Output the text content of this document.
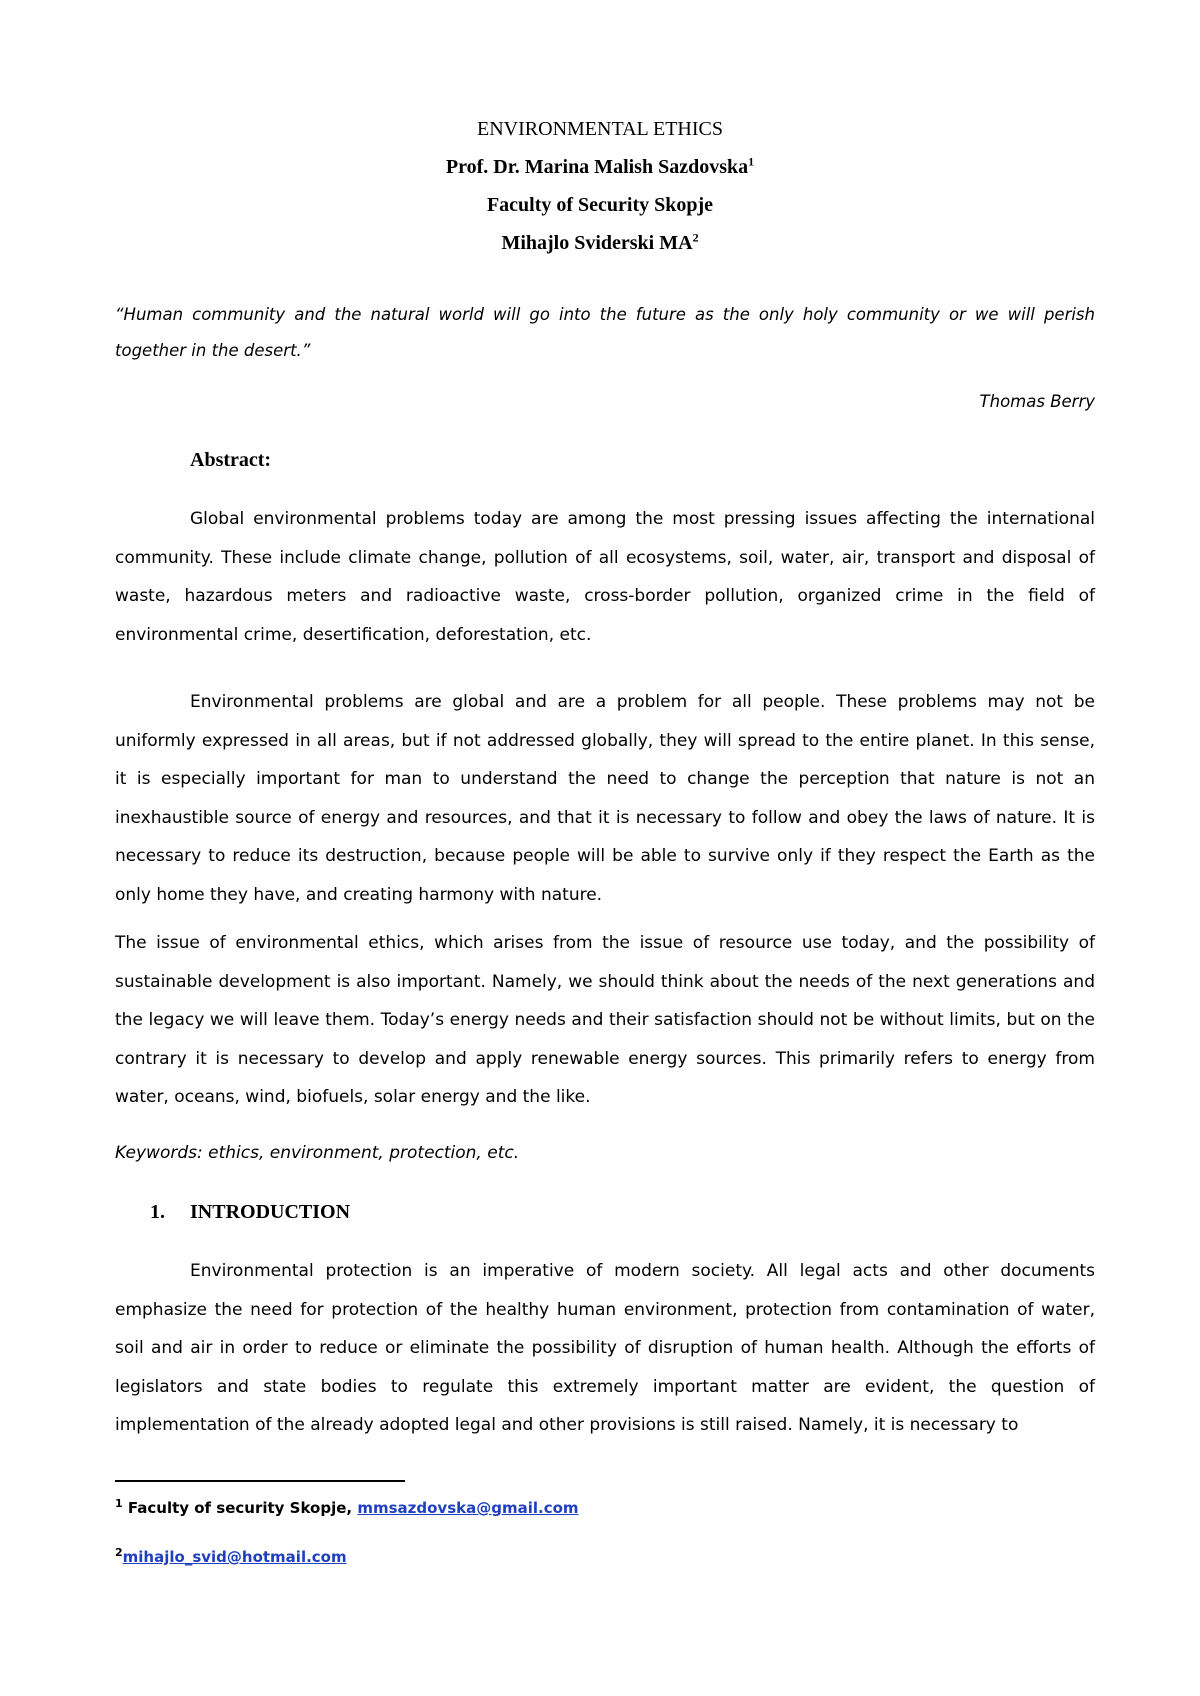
ENVIRONMENTAL ETHICS
Prof. Dr. Marina Malish Sazdovska$^1$
Faculty of Security Skopje
Mihajlo Sviderski $MA^2$
“Human community and the natural world will go into the future as the only holy community or we will perish together in the desert.”
Thomas Berry
Abstract:
Global environmental problems today are among the most pressing issues affecting the international community. These include climate change, pollution of all ecosystems, soil, water, air, transport and disposal of waste, hazardous meters and radioactive waste, cross-border pollution, organized crime in the field of environmental crime, desertification, deforestation, etc.
Environmental problems are global and are a problem for all people. These problems may not be uniformly expressed in all areas, but if not addressed globally, they will spread to the entire planet. In this sense, it is especially important for man to understand the need to change the perception that nature is not an inexhaustible source of energy and resources, and that it is necessary to follow and obey the laws of nature. It is necessary to reduce its destruction, because people will be able to survive only if they respect the Earth as the only home they have, and creating harmony with nature.
The issue of environmental ethics, which arises from the issue of resource use today, and the possibility of sustainable development is also important. Namely, we should think about the needs of the next generations and the legacy we will leave them. Today’s energy needs and their satisfaction should not be without limits, but on the contrary it is necessary to develop and apply renewable energy sources. This primarily refers to energy from water, oceans, wind, biofuels, solar energy and the like.
Keywords: ethics, environment, protection, etc.
1. INTRODUCTION
Environmental protection is an imperative of modern society. All legal acts and other documents emphasize the need for protection of the healthy human environment, protection from contamination of water, soil and air in order to reduce or eliminate the possibility of disruption of human health. Although the efforts of legislators and state bodies to regulate this extremely important matter are evident, the question of implementation of the already adopted legal and other provisions is still raised. Namely, it is necessary to
$^1$ Faculty of security Skopje, mmsazdovska@gmail.com
$^2$mihajlo_svid@hotmail.com
